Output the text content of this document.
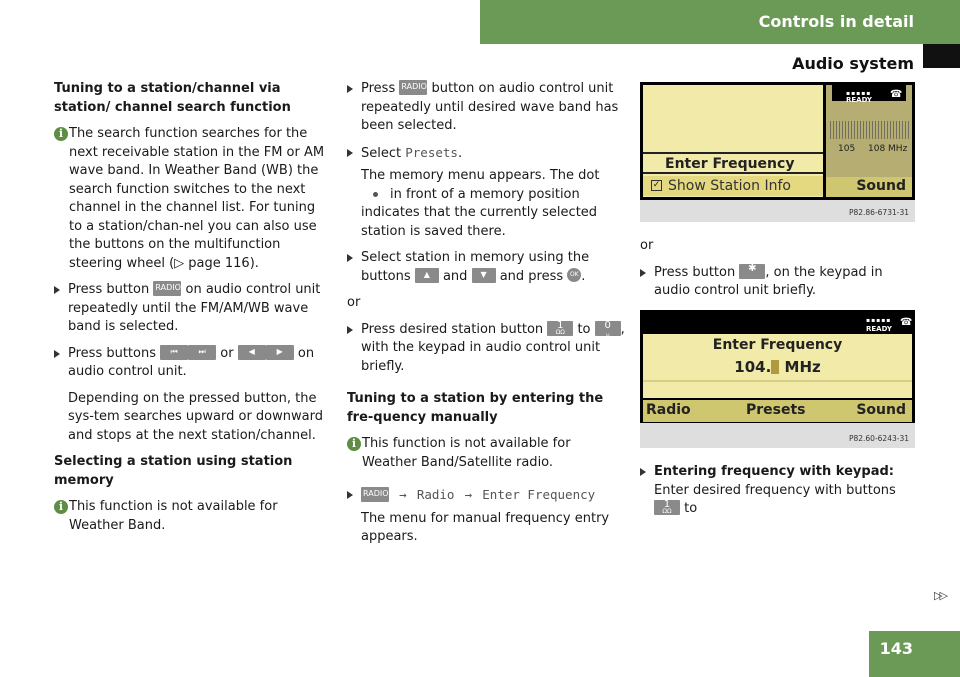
Controls in detail
Audio system
Tuning to a station/channel via station/ channel search function
i The search function searches for the next receivable station in the FM or AM wave band. In Weather Band (WB) the search function switches to the next channel in the channel list. For tuning to a station/chan-nel you can also use the buttons on the multifunction steering wheel (▷ page 116).
Press button RADIO on audio control unit repeatedly until the FM/AM/WB wave band is selected.
Press buttons ⏮	⏭ or ◀	▶ on audio control unit.
Depending on the pressed button, the sys-tem searches upward or downward and stops at the next station/channel.
Selecting a station using station memory
i This function is not available for Weather Band.
Press RADIO button on audio control unit repeatedly until desired wave band has been selected.
Select Presets.
The memory menu appears. The dotin front of a memory position indicates that the currently selected station is saved there.
Select station in memory using the buttons ▲ and ▼ and press OK .
or
Press desired station button 1
ΩΩ to 0
␣ , with the keypad in audio control unit briefly.
Tuning to a station by entering the fre-quency manually
i This function is not available for Weather Band/Satellite radio.
RADIO → Radio → Enter Frequency
The menu for manual frequency entry appears.
or
Press button ✱ , on the keypad in audio control unit briefly.
Entering frequency with keypad: Enter desired frequency with buttons 1
ΩΩ to
Enter Frequency
✓ Show Station Info
▪▪▪▪▪
READY ☎
105 108 MHz
Sound
P82.86-6731-31
▪▪▪▪▪
READY
☎
Enter Frequency
104. MHz
Radio	Presets	Sound
P82.60-6243-31
▷▷
143
